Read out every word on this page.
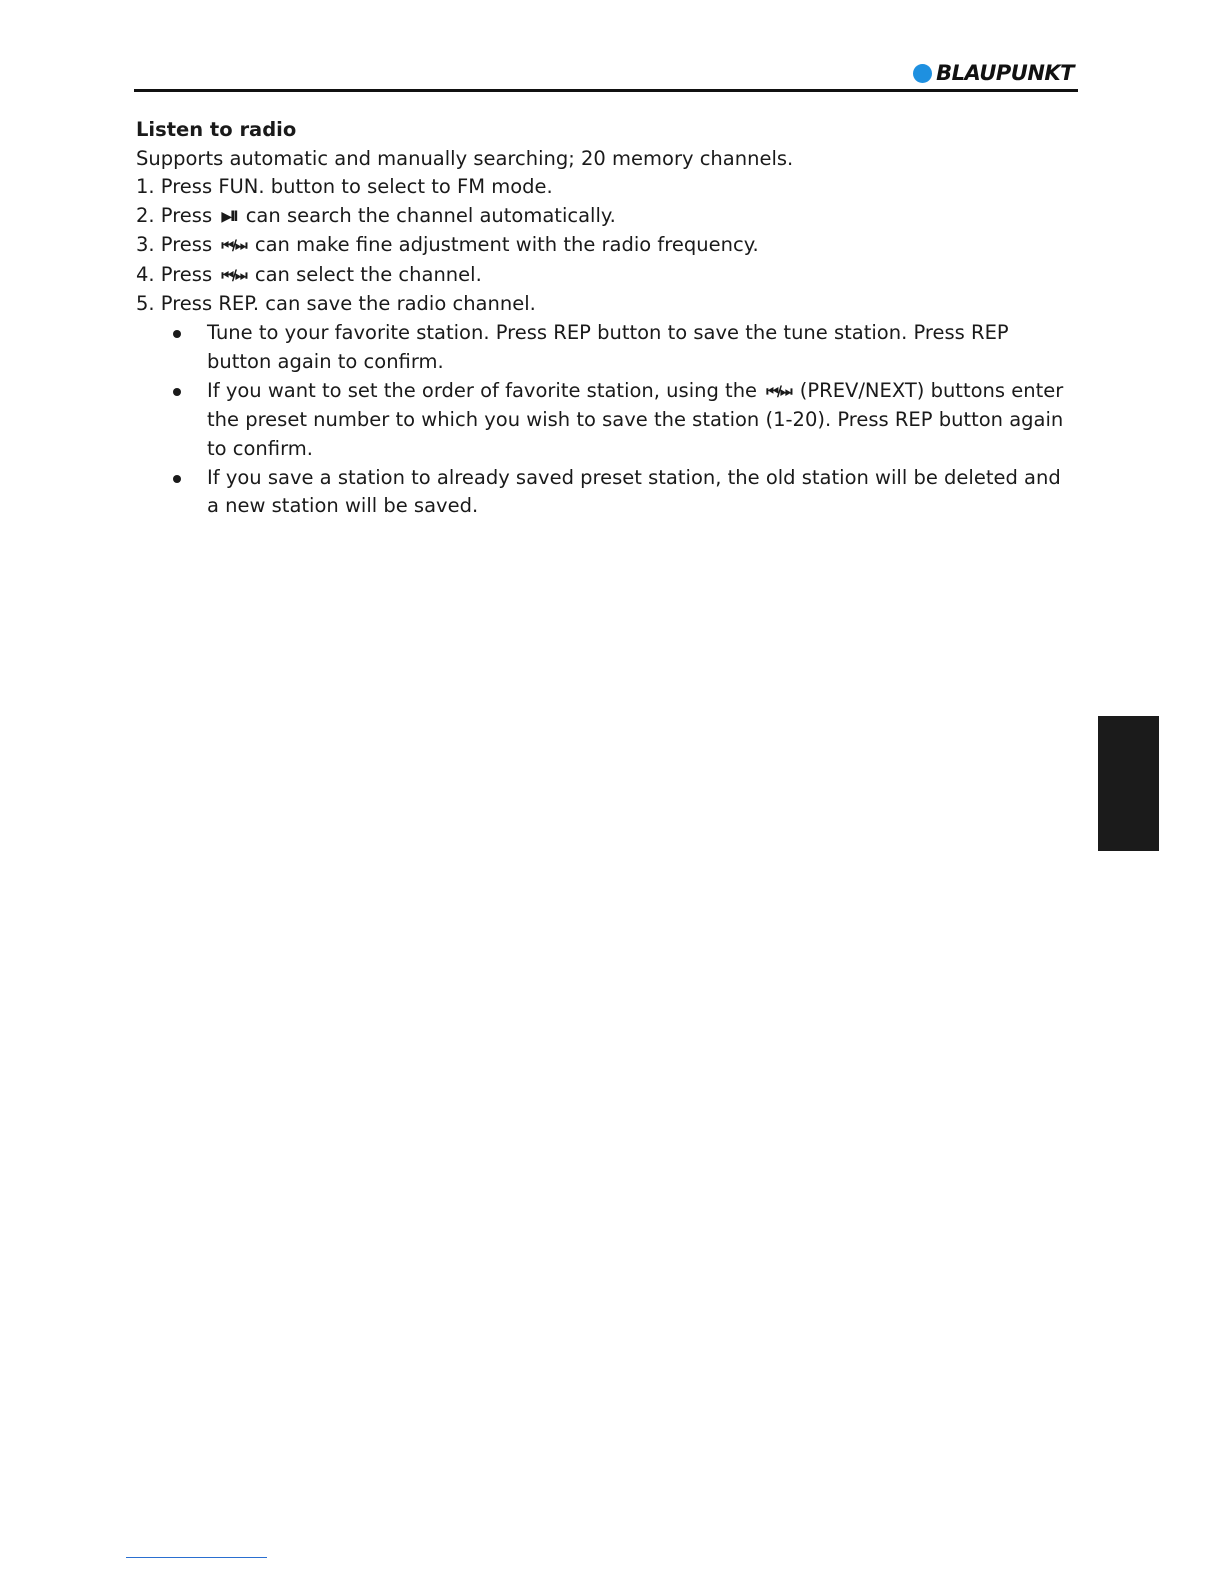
BLAUPUNKT
Listen to radio

Supports automatic and manually searching; 20 memory channels.

1. Press FUN. button to select to FM mode.
2. Press ▶II can search the channel automatically.
3. Press ⏮/⏭ can make fine adjustment with the radio frequency.
4. Press ⏮/⏭ can select the channel.
5. Press REP. can save the radio channel.
Tune to your favorite station. Press REP button to save the tune station. Press REP button again to confirm.
If you want to set the order of favorite station, using the ⏮/⏭ (PREV/NEXT) buttons enter the preset number to which you wish to save the station (1-20). Press REP button again to confirm.
If you save a station to already saved preset station, the old station will be deleted and a new station will be saved.
